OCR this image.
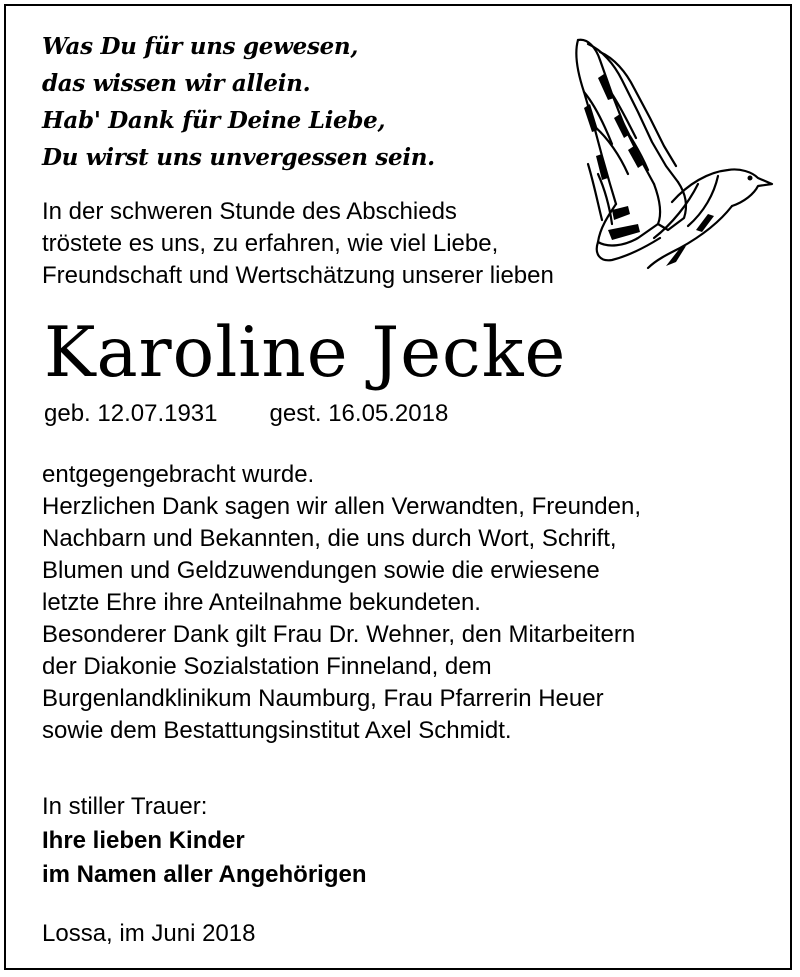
Was Du für uns gewesen,
das wissen wir allein.
Hab' Dank für Deine Liebe,
Du wirst uns unvergessen sein.
In der schweren Stunde des Abschieds
tröstete es uns, zu erfahren, wie viel Liebe,
Freundschaft und Wertschätzung unserer lieben
Karoline Jecke
geb. 12.07.1931 gest. 16.05.2018
entgegengebracht wurde.
Herzlichen Dank sagen wir allen Verwandten, Freunden,
Nachbarn und Bekannten, die uns durch Wort, Schrift,
Blumen und Geldzuwendungen sowie die erwiesene
letzte Ehre ihre Anteilnahme bekundeten.
Besonderer Dank gilt Frau Dr. Wehner, den Mitarbeitern
der Diakonie Sozialstation Finneland, dem
Burgenlandklinikum Naumburg, Frau Pfarrerin Heuer
sowie dem Bestattungsinstitut Axel Schmidt.
In stiller Trauer:
Ihre lieben Kinder
im Namen aller Angehörigen
Lossa, im Juni 2018
